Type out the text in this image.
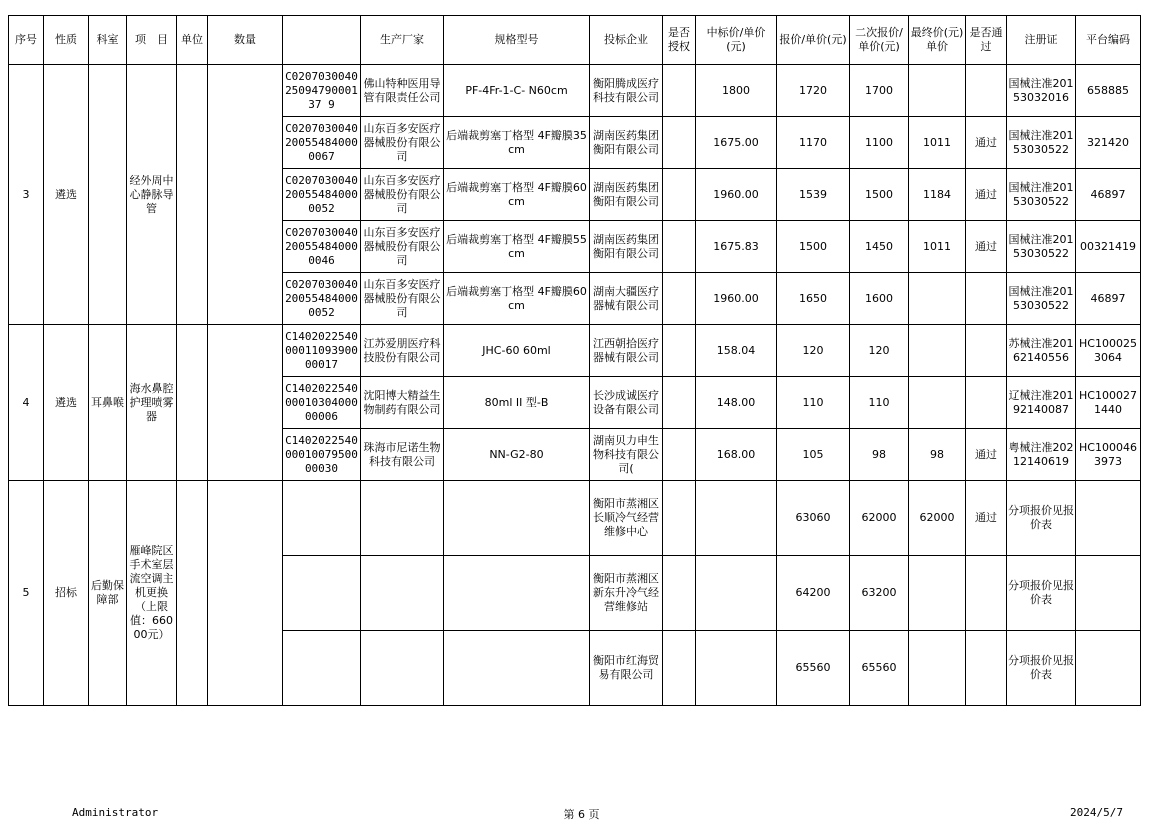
序号	性质	科室	项　目	单位	数量		生产厂家	规格型号	投标企业	是否授权	中标价/单价(元)	报价/单价(元)	二次报价/单价(元)	最终价(元)单价	是否通过	注册证	平台编码
3	遴选		经外周中心静脉导管			C02070300402509479000137 9	佛山特种医用导管有限责任公司	PF-4Fr-1-C- N60cm	衡阳腾成医疗科技有限公司		1800	1720	1700			国械注准20153032016	658885
						C0207030040200554840000067	山东百多安医疗器械股份有限公司	后端裁剪塞丁格型 4F瓣膜35cm	湖南医药集团衡阳有限公司		1675.00	1170	1100	1011	通过	国械注准20153030522	321420
						C0207030040200554840000052	山东百多安医疗器械股份有限公司	后端裁剪塞丁格型 4F瓣膜60cm	湖南医药集团衡阳有限公司		1960.00	1539	1500	1184	通过	国械注准20153030522	46897
						C0207030040200554840000046	山东百多安医疗器械股份有限公司	后端裁剪塞丁格型 4F瓣膜55cm	湖南医药集团衡阳有限公司		1675.83	1500	1450	1011	通过	国械注准20153030522	00321419
						C0207030040200554840000052	山东百多安医疗器械股份有限公司	后端裁剪塞丁格型 4F瓣膜60cm	湖南大疆医疗器械有限公司		1960.00	1650	1600			国械注准20153030522	46897
4	遴选	耳鼻喉	海水鼻腔护理喷雾器			C14020225400001109390000017	江苏爱朋医疗科技股份有限公司	JHC-60 60ml	江西朝拾医疗器械有限公司		158.04	120	120			苏械注准20162140556	HC1000253064
						C14020225400001030400000006	沈阳博大精益生物制药有限公司	80ml II 型-B	长沙成诚医疗设备有限公司		148.00	110	110			辽械注准20192140087	HC1000271440
						C14020225400001007950000030	珠海市尼诺生物科技有限公司	NN-G2-80	湖南贝力申生物科技有限公司(		168.00	105	98	98	通过	粤械注准20212140619	HC1000463973
5	招标	后勤保障部	雁峰院区手术室层流空调主机更换（上限值：66000元）						衡阳市蒸湘区长顺冷气经营维修中心			63060	62000	62000	通过	分项报价见报价表	
									衡阳市蒸湘区新东升冷气经营维修站			64200	63200			分项报价见报价表	
									衡阳市红海贸易有限公司			65560	65560			分项报价见报价表	
Administrator	第 6 页	2024/5/7
